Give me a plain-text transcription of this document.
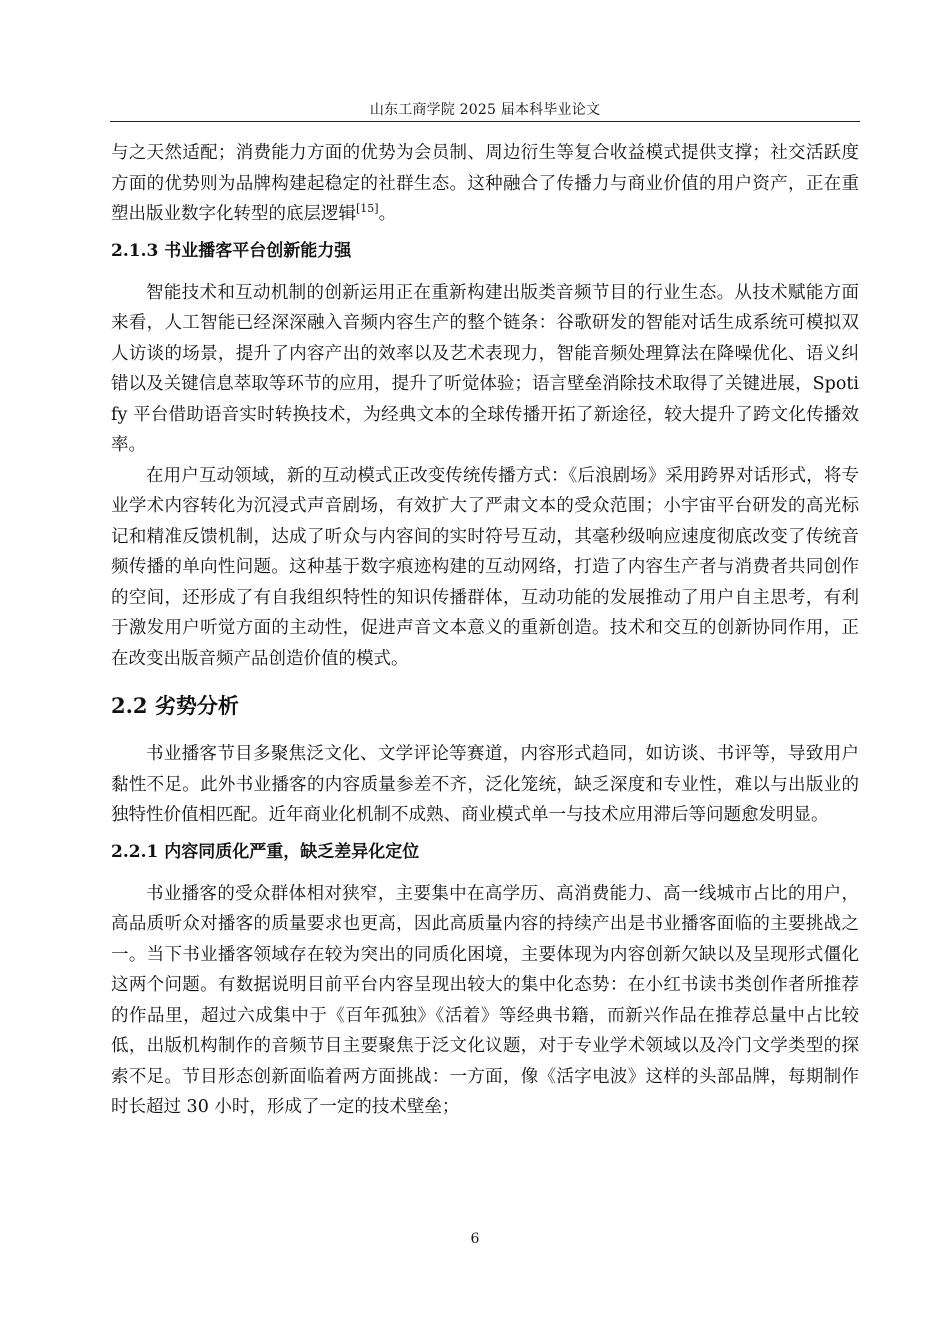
山东工商学院 2025 届本科毕业论文

与之天然适配；消费能力方面的优势为会员制、周边衍生等复合收益模式提供支撑；社交活跃度方面的优势则为品牌构建起稳定的社群生态。这种融合了传播力与商业价值的用户资产，正在重塑出版业数字化转型的底层逻辑[15]。

2.1.3 书业播客平台创新能力强

智能技术和互动机制的创新运用正在重新构建出版类音频节目的行业生态。从技术赋能方面来看，人工智能已经深深融入音频内容生产的整个链条：谷歌研发的智能对话生成系统可模拟双人访谈的场景，提升了内容产出的效率以及艺术表现力，智能音频处理算法在降噪优化、语义纠错以及关键信息萃取等环节的应用，提升了听觉体验；语言壁垒消除技术取得了关键进展，Spotify 平台借助语音实时转换技术，为经典文本的全球传播开拓了新途径，较大提升了跨文化传播效率。

在用户互动领域，新的互动模式正改变传统传播方式：《后浪剧场》采用跨界对话形式，将专业学术内容转化为沉浸式声音剧场，有效扩大了严肃文本的受众范围；小宇宙平台研发的高光标记和精准反馈机制，达成了听众与内容间的实时符号互动，其毫秒级响应速度彻底改变了传统音频传播的单向性问题。这种基于数字痕迹构建的互动网络，打造了内容生产者与消费者共同创作的空间，还形成了有自我组织特性的知识传播群体，互动功能的发展推动了用户自主思考，有利于激发用户听觉方面的主动性，促进声音文本意义的重新创造。技术和交互的创新协同作用，正在改变出版音频产品创造价值的模式。

2.2 劣势分析

书业播客节目多聚焦泛文化、文学评论等赛道，内容形式趋同，如访谈、书评等，导致用户黏性不足。此外书业播客的内容质量参差不齐，泛化笼统，缺乏深度和专业性，难以与出版业的独特性价值相匹配。近年商业化机制不成熟、商业模式单一与技术应用滞后等问题愈发明显。

2.2.1 内容同质化严重，缺乏差异化定位

书业播客的受众群体相对狭窄，主要集中在高学历、高消费能力、高一线城市占比的用户，高品质听众对播客的质量要求也更高，因此高质量内容的持续产出是书业播客面临的主要挑战之一。当下书业播客领域存在较为突出的同质化困境，主要体现为内容创新欠缺以及呈现形式僵化这两个问题。有数据说明目前平台内容呈现出较大的集中化态势：在小红书读书类创作者所推荐的作品里，超过六成集中于《百年孤独》《活着》等经典书籍，而新兴作品在推荐总量中占比较低，出版机构制作的音频节目主要聚焦于泛文化议题，对于专业学术领域以及冷门文学类型的探索不足。节目形态创新面临着两方面挑战：一方面，像《活字电波》这样的头部品牌，每期制作时长超过 30 小时，形成了一定的技术壁垒；

6
